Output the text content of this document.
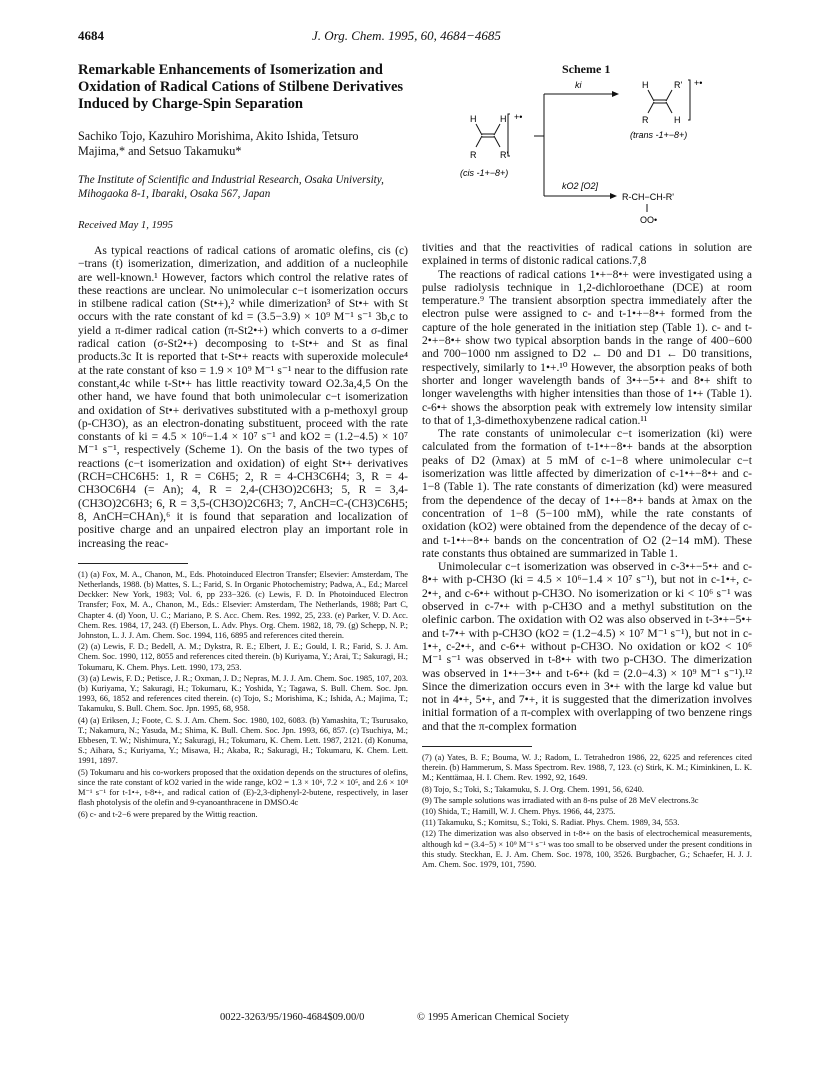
4684	J. Org. Chem. 1995, 60, 4684−4685
Remarkable Enhancements of Isomerization and Oxidation of Radical Cations of Stilbene Derivatives Induced by Charge-Spin Separation
Sachiko Tojo, Kazuhiro Morishima, Akito Ishida, Tetsuro Majima,* and Setsuo Takamuku*
The Institute of Scientific and Industrial Research, Osaka University, Mihogaoka 8-1, Ibaraki, Osaka 567, Japan
Received May 1, 1995

As typical reactions of radical cations of aromatic olefins, cis (c)−trans (t) isomerization, dimerization, and addition of a nucleophile are well-known.¹ However, factors which control the relative rates of these reactions are unclear. No unimolecular c−t isomerization occurs in stilbene radical cation (St•+),² while dimerization³ of St•+ with St occurs with the rate constant of kd = (3.5−3.9) × 10⁹ M⁻¹ s⁻¹ 3b,c to yield a π-dimer radical cation (π-St2•+) which converts to a σ-dimer radical cation (σ-St2•+) decomposing to t-St•+ and St as final products.3c It is reported that t-St•+ reacts with superoxide molecule⁴ at the rate constant of kso = 1.9 × 10⁹ M⁻¹ s⁻¹ near to the diffusion rate constant,4c while t-St•+ has little reactivity toward O2.3a,4,5 On the other hand, we have found that both unimolecular c−t isomerization and oxidation of St•+ derivatives substituted with a p-methoxyl group (p-CH3O), as an electron-donating substituent, proceed with the rate constants of ki = 4.5 × 10⁶−1.4 × 10⁷ s⁻¹ and kO2 = (1.2−4.5) × 10⁷ M⁻¹ s⁻¹, respectively (Scheme 1). On the basis of the two types of reactions (c−t isomerization and oxidation) of eight St•+ derivatives (RCH=CHC6H5: 1, R = C6H5; 2, R = 4-CH3C6H4; 3, R = 4-CH3OC6H4 (= An); 4, R = 2,4-(CH3O)2C6H3; 5, R = 3,4-(CH3O)2C6H3; 6, R = 3,5-(CH3O)2C6H3; 7, AnCH=C-(CH3)C6H5; 8, AnCH=CHAn),⁶ it is found that separation and localization of positive charge and an unpaired electron play an important role in increasing the reac-

(1) (a) Fox, M. A., Chanon, M., Eds. Photoinduced Electron Transfer; Elsevier: Amsterdam, The Netherlands, 1988. (b) Mattes, S. L.; Farid, S. In Organic Photochemistry; Padwa, A., Ed.; Marcel Deckker: New York, 1983; Vol. 6, pp 233−326. (c) Lewis, F. D. In Photoinduced Electron Transfer; Fox, M. A., Chanon, M., Eds.: Elsevier: Amsterdam, The Netherlands, 1988; Part C, Chapter 4. (d) Yoon, U. C.; Mariano, P. S. Acc. Chem. Res. 1992, 25, 233. (e) Parker, V. D. Acc. Chem. Res. 1984, 17, 243. (f) Eberson, L. Adv. Phys. Org. Chem. 1982, 18, 79. (g) Schepp, N. P.; Johnston, L. J. J. Am. Chem. Soc. 1994, 116, 6895 and references cited therein.

(2) (a) Lewis, F. D.; Bedell, A. M.; Dykstra, R. E.; Elbert, J. E.; Gould, I. R.; Farid, S. J. Am. Chem. Soc. 1990, 112, 8055 and references cited therein. (b) Kuriyama, Y.; Arai, T.; Sakuragi, H.; Tokumaru, K. Chem. Phys. Lett. 1990, 173, 253.

(3) (a) Lewis, F. D.; Petisce, J. R.; Oxman, J. D.; Nepras, M. J. J. Am. Chem. Soc. 1985, 107, 203. (b) Kuriyama, Y.; Sakuragi, H.; Tokumaru, K.; Yoshida, Y.; Tagawa, S. Bull. Chem. Soc. Jpn. 1993, 66, 1852 and references cited therein. (c) Tojo, S.; Morishima, K.; Ishida, A.; Majima, T.; Takamuku, S. Bull. Chem. Soc. Jpn. 1995, 68, 958.

(4) (a) Eriksen, J.; Foote, C. S. J. Am. Chem. Soc. 1980, 102, 6083. (b) Yamashita, T.; Tsurusako, T.; Nakamura, N.; Yasuda, M.; Shima, K. Bull. Chem. Soc. Jpn. 1993, 66, 857. (c) Tsuchiya, M.; Ebbesen, T. W.; Nishimura, Y.; Sakuragi, H.; Tokumaru, K. Chem. Lett. 1987, 2121. (d) Konuma, S.; Aihara, S.; Kuriyama, Y.; Misawa, H.; Akaba, R.; Sakuragi, H.; Tokumaru, K. Chem. Lett. 1991, 1897.

(5) Tokumaru and his co-workers proposed that the oxidation depends on the structures of olefins, since the rate constant of kO2 varied in the wide range, kO2 = 1.3 × 10⁶, 7.2 × 10⁵, and 2.6 × 10⁸ M⁻¹ s⁻¹ for t-1•+, t-8•+, and radical cation of (E)-2,3-diphenyl-2-butene, respectively, in laser flash photolysis of the olefin and 9-cyanoanthracene in DMSO.4c

(6) c- and t-2−6 were prepared by the Wittig reaction.

Scheme 1
H	H
R	R'
+•
(cis -1+−8+)
ki
kO2 [O2]
H	R'
R	H
+•
(trans -1+−8+)
R-CH−CH-R'
OO•

tivities and that the reactivities of radical cations in solution are explained in terms of distonic radical cations.7,8

The reactions of radical cations 1•+−8•+ were investigated using a pulse radiolysis technique in 1,2-dichloroethane (DCE) at room temperature.⁹ The transient absorption spectra immediately after the electron pulse were assigned to c- and t-1•+−8•+ formed from the capture of the hole generated in the initiation step (Table 1). c- and t-2•+−8•+ show two typical absorption bands in the range of 400−600 and 700−1000 nm assigned to D2 ← D0 and D1 ← D0 transitions, respectively, similarly to 1•+.¹⁰ However, the absorption peaks of both shorter and longer wavelength bands of 3•+−5•+ and 8•+ shift to longer wavelengths with higher intensities than those of 1•+ (Table 1). c-6•+ shows the absorption peak with extremely low intensity similar to that of 1,3-dimethoxybenzene radical cation.¹¹

The rate constants of unimolecular c−t isomerization (ki) were calculated from the formation of t-1•+−8•+ bands at the absorption peaks of D2 (λmax) at 5 mM of c-1−8 where unimolecular c−t isomerization was little affected by dimerization of c-1•+−8•+ and c-1−8 (Table 1). The rate constants of dimerization (kd) were measured from the dependence of the decay of 1•+−8•+ bands at λmax on the concentration of 1−8 (5−100 mM), while the rate constants of oxidation (kO2) were obtained from the dependence of the decay of c- and t-1•+−8•+ bands on the concentration of O2 (2−14 mM). These rate constants thus obtained are summarized in Table 1.

Unimolecular c−t isomerization was observed in c-3•+−5•+ and c-8•+ with p-CH3O (ki = 4.5 × 10⁶−1.4 × 10⁷ s⁻¹), but not in c-1•+, c-2•+, and c-6•+ without p-CH3O. No isomerization or ki < 10⁶ s⁻¹ was observed in c-7•+ with p-CH3O and a methyl substitution on the olefinic carbon. The oxidation with O2 was also observed in t-3•+−5•+ and t-7•+ with p-CH3O (kO2 = (1.2−4.5) × 10⁷ M⁻¹ s⁻¹), but not in c-1•+, c-2•+, and c-6•+ without p-CH3O. No oxidation or kO2 < 10⁶ M⁻¹ s⁻¹ was observed in t-8•+ with two p-CH3O. The dimerization was observed in 1•+−3•+ and t-6•+ (kd = (2.0−4.3) × 10⁹ M⁻¹ s⁻¹).¹² Since the dimerization occurs even in 3•+ with the large kd value but not in 4•+, 5•+, and 7•+, it is suggested that the dimerization involves initial formation of a π-complex with overlapping of two benzene rings and that the π-complex formation

(7) (a) Yates, B. F.; Bouma, W. J.; Radom, L. Tetrahedron 1986, 22, 6225 and references cited therein. (b) Hammerum, S. Mass Spectrom. Rev. 1988, 7, 123. (c) Stirk, K. M.; Kiminkinen, L. K. M.; Kenttämaa, H. I. Chem. Rev. 1992, 92, 1649.

(8) Tojo, S.; Toki, S.; Takamuku, S. J. Org. Chem. 1991, 56, 6240.

(9) The sample solutions was irradiated with an 8-ns pulse of 28 MeV electrons.3c

(10) Shida, T.; Hamill, W. J. Chem. Phys. 1966, 44, 2375.

(11) Takamuku, S.; Komitsu, S.; Toki, S. Radiat. Phys. Chem. 1989, 34, 553.

(12) The dimerization was also observed in t-8•+ on the basis of electrochemical measurements, although kd = (3.4−5) × 10⁹ M⁻¹ s⁻¹ was too small to be observed under the present conditions in this study. Steckhan, E. J. Am. Chem. Soc. 1978, 100, 3526. Burgbacher, G.; Schaefer, H. J. J. Am. Chem. Soc. 1979, 101, 7590.

0022-3263/95/1960-4684$09.00/0	© 1995 American Chemical Society
